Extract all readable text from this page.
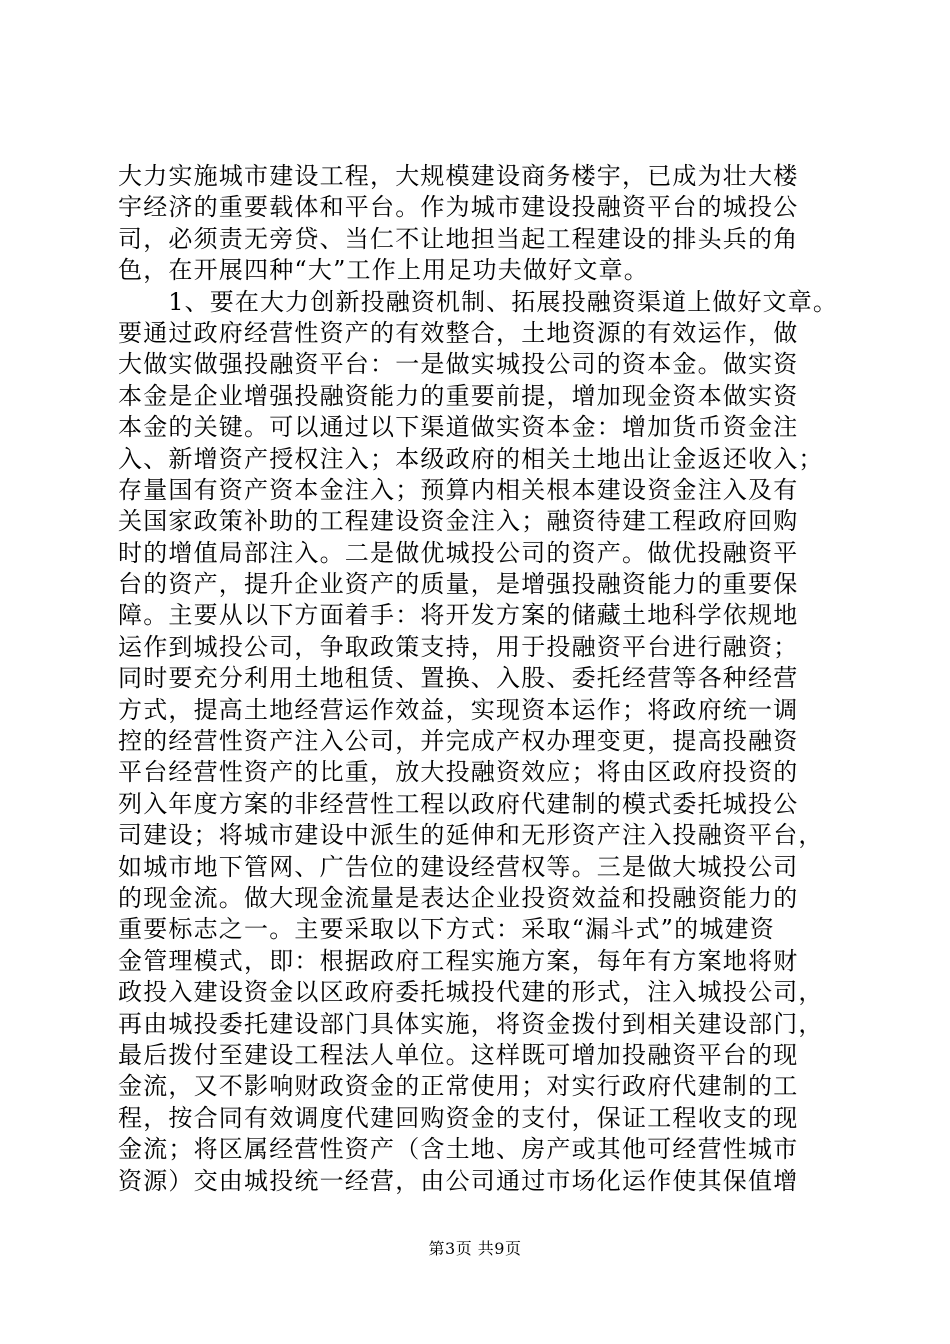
大力实施城市建设工程，大规模建设商务楼宇，已成为壮大楼
宇经济的重要载体和平台。作为城市建设投融资平台的城投公
司，必须责无旁贷、当仁不让地担当起工程建设的排头兵的角
色，在开展四种“大”工作上用足功夫做好文章。
　　1、要在大力创新投融资机制、拓展投融资渠道上做好文章。
要通过政府经营性资产的有效整合，土地资源的有效运作，做
大做实做强投融资平台：一是做实城投公司的资本金。做实资
本金是企业增强投融资能力的重要前提，增加现金资本做实资
本金的关键。可以通过以下渠道做实资本金：增加货币资金注
入、新增资产授权注入；本级政府的相关土地出让金返还收入；
存量国有资产资本金注入；预算内相关根本建设资金注入及有
关国家政策补助的工程建设资金注入；融资待建工程政府回购
时的增值局部注入。二是做优城投公司的资产。做优投融资平
台的资产，提升企业资产的质量，是增强投融资能力的重要保
障。主要从以下方面着手：将开发方案的储藏土地科学依规地
运作到城投公司，争取政策支持，用于投融资平台进行融资；
同时要充分利用土地租赁、置换、入股、委托经营等各种经营
方式，提高土地经营运作效益，实现资本运作；将政府统一调
控的经营性资产注入公司，并完成产权办理变更，提高投融资
平台经营性资产的比重，放大投融资效应；将由区政府投资的
列入年度方案的非经营性工程以政府代建制的模式委托城投公
司建设；将城市建设中派生的延伸和无形资产注入投融资平台，
如城市地下管网、广告位的建设经营权等。三是做大城投公司
的现金流。做大现金流量是表达企业投资效益和投融资能力的
重要标志之一。主要采取以下方式：采取“漏斗式”的城建资
金管理模式，即：根据政府工程实施方案，每年有方案地将财
政投入建设资金以区政府委托城投代建的形式，注入城投公司，
再由城投委托建设部门具体实施，将资金拨付到相关建设部门，
最后拨付至建设工程法人单位。这样既可增加投融资平台的现
金流，又不影响财政资金的正常使用；对实行政府代建制的工
程，按合同有效调度代建回购资金的支付，保证工程收支的现
金流；将区属经营性资产（含土地、房产或其他可经营性城市
资源）交由城投统一经营，由公司通过市场化运作使其保值增
第3页 共9页
